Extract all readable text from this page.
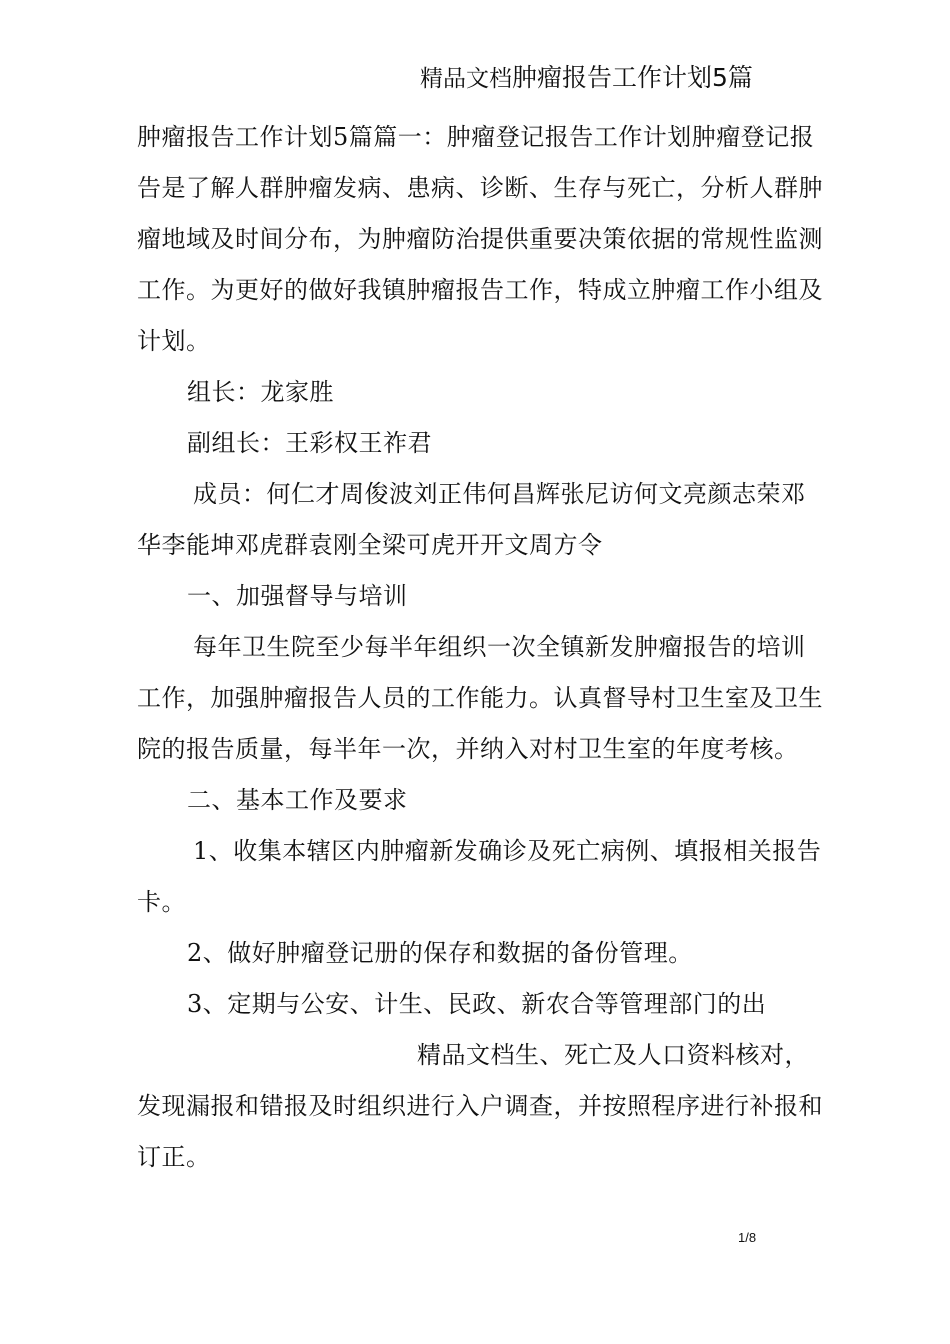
精品文档肿瘤报告工作计划5篇

肿瘤报告工作计划5篇篇一：肿瘤登记报告工作计划肿瘤登记报告是了解人群肿瘤发病、患病、诊断、生存与死亡，分析人群肿瘤地域及时间分布，为肿瘤防治提供重要决策依据的常规性监测工作。为更好的做好我镇肿瘤报告工作，特成立肿瘤工作小组及计划。

组长：龙家胜

副组长：王彩权王祚君

成员：何仁才周俊波刘正伟何昌辉张尼访何文亮颜志荣邓华李能坤邓虎群袁刚全梁可虎开开文周方令

一、加强督导与培训

每年卫生院至少每半年组织一次全镇新发肿瘤报告的培训工作，加强肿瘤报告人员的工作能力。认真督导村卫生室及卫生院的报告质量，每半年一次，并纳入对村卫生室的年度考核。

二、基本工作及要求

1、收集本辖区内肿瘤新发确诊及死亡病例、填报相关报告卡。

2、做好肿瘤登记册的保存和数据的备份管理。

3、定期与公安、计生、民政、新农合等管理部门的出

精品文档生、死亡及人口资料核对，发现漏报和错报及时组织进行入户调查，并按照程序进行补报和订正。

1/8
